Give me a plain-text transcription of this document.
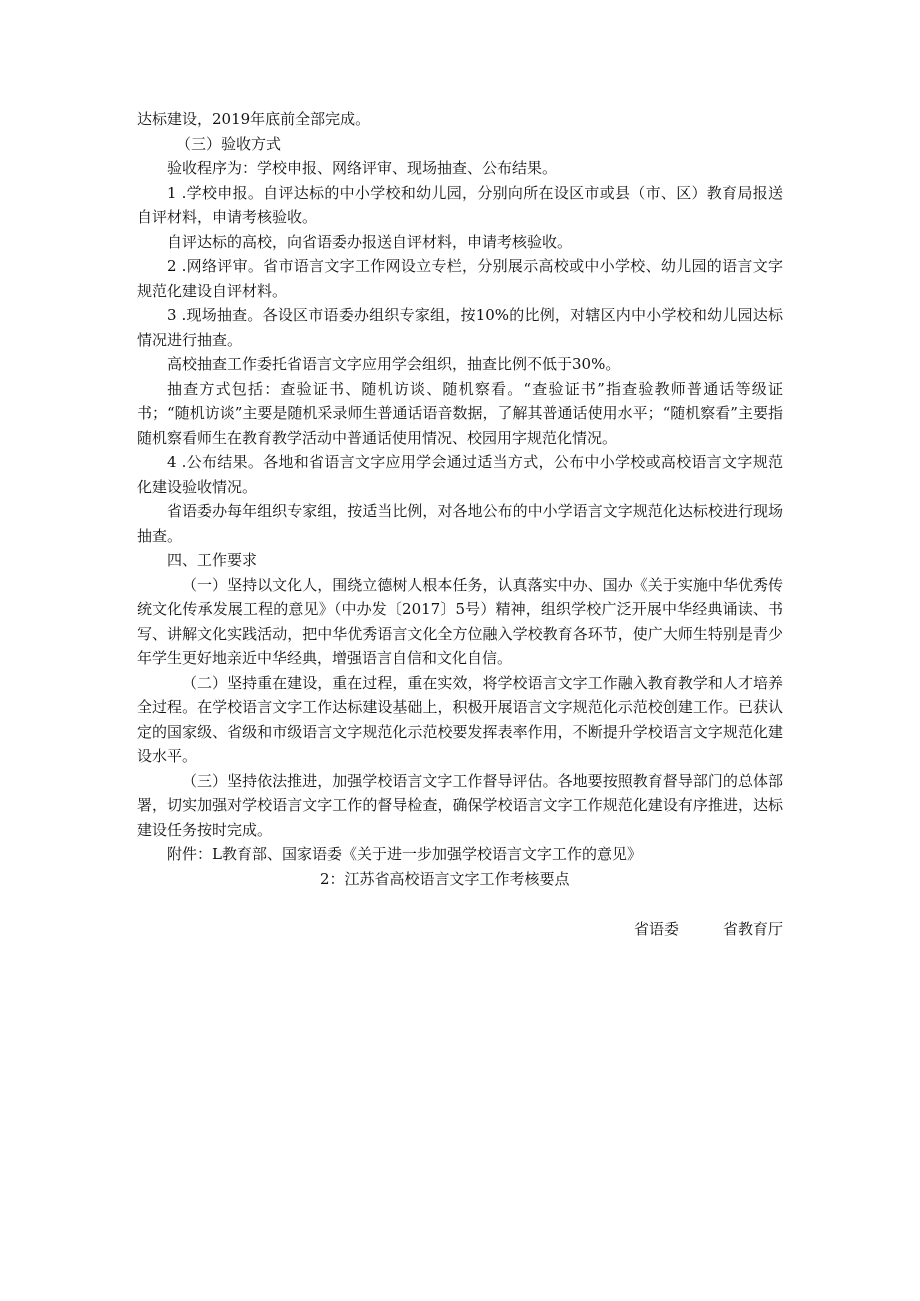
达标建设，2019年底前全部完成。

（三）验收方式

验收程序为：学校申报、网络评审、现场抽查、公布结果。

1 .学校申报。自评达标的中小学校和幼儿园，分别向所在设区市或县（市、区）教育局报送自评材料，申请考核验收。

自评达标的高校，向省语委办报送自评材料，申请考核验收。

2 .网络评审。省市语言文字工作网设立专栏，分别展示高校或中小学校、幼儿园的语言文字规范化建设自评材料。

3 .现场抽查。各设区市语委办组织专家组，按10%的比例，对辖区内中小学校和幼儿园达标情况进行抽查。

高校抽查工作委托省语言文字应用学会组织，抽查比例不低于30%。

抽查方式包括：查验证书、随机访谈、随机察看。“查验证书”指查验教师普通话等级证书；“随机访谈”主要是随机采录师生普通话语音数据，了解其普通话使用水平；“随机察看”主要指随机察看师生在教育教学活动中普通话使用情况、校园用字规范化情况。

4 .公布结果。各地和省语言文字应用学会通过适当方式，公布中小学校或高校语言文字规范化建设验收情况。

省语委办每年组织专家组，按适当比例，对各地公布的中小学语言文字规范化达标校进行现场抽查。

四、工作要求

（一）坚持以文化人，围绕立德树人根本任务，认真落实中办、国办《关于实施中华优秀传统文化传承发展工程的意见》（中办发〔2017〕5号）精神，组织学校广泛开展中华经典诵读、书写、讲解文化实践活动，把中华优秀语言文化全方位融入学校教育各环节，使广大师生特别是青少年学生更好地亲近中华经典，增强语言自信和文化自信。

（二）坚持重在建设，重在过程，重在实效，将学校语言文字工作融入教育教学和人才培养全过程。在学校语言文字工作达标建设基础上，积极开展语言文字规范化示范校创建工作。已获认定的国家级、省级和市级语言文字规范化示范校要发挥表率作用，不断提升学校语言文字规范化建设水平。

（三）坚持依法推进，加强学校语言文字工作督导评估。各地要按照教育督导部门的总体部署，切实加强对学校语言文字工作的督导检查，确保学校语言文字工作规范化建设有序推进，达标建设任务按时完成。

附件：L教育部、国家语委《关于进一步加强学校语言文字工作的意见》

2：江苏省高校语言文字工作考核要点

省语委	省教育厅
